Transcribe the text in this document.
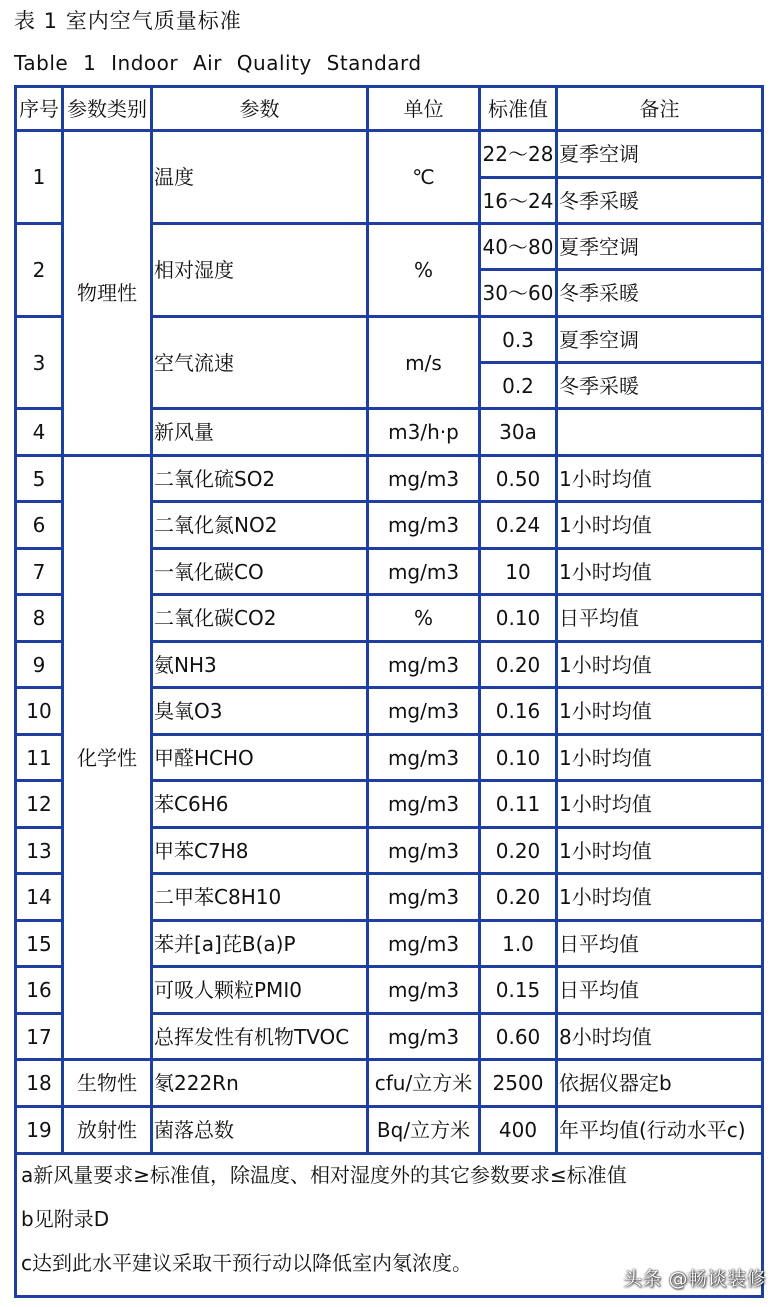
表 1 室内空气质量标准
Table 1 Indoor Air Quality Standard
序号	参数类别	参数	单位	标准值	备注
1	物理性	温度	℃	22～28	夏季空调
				16～24	冬季采暖
2		相对湿度	%	40～80	夏季空调
				30～60	冬季采暖
3		空气流速	m/s	0.3	夏季空调
				0.2	冬季采暖
4		新风量	m3/h·p	30a	
5	化学性	二氧化硫SO2	mg/m3	0.50	1小时均值
6		二氧化氮NO2	mg/m3	0.24	1小时均值
7		一氧化碳CO	mg/m3	10	1小时均值
8		二氧化碳CO2	%	0.10	日平均值
9		氨NH3	mg/m3	0.20	1小时均值
10		臭氧O3	mg/m3	0.16	1小时均值
11		甲醛HCHO	mg/m3	0.10	1小时均值
12		苯C6H6	mg/m3	0.11	1小时均值
13		甲苯C7H8	mg/m3	0.20	1小时均值
14		二甲苯C8H10	mg/m3	0.20	1小时均值
15		苯并[a]芘B(a)P	mg/m3	1.0	日平均值
16		可吸人颗粒PMI0	mg/m3	0.15	日平均值
17		总挥发性有机物TVOC	mg/m3	0.60	8小时均值
18	生物性	氡222Rn	cfu/立方米	2500	依据仪器定b
19	放射性	菌落总数	Bq/立方米	400	年平均值(行动水平c)

a新风量要求≥标准值，除温度、相对湿度外的其它参数要求≤标准值
b见附录D
c达到此水平建议采取干预行动以降低室内氡浓度。					
头条 @畅谈装修
